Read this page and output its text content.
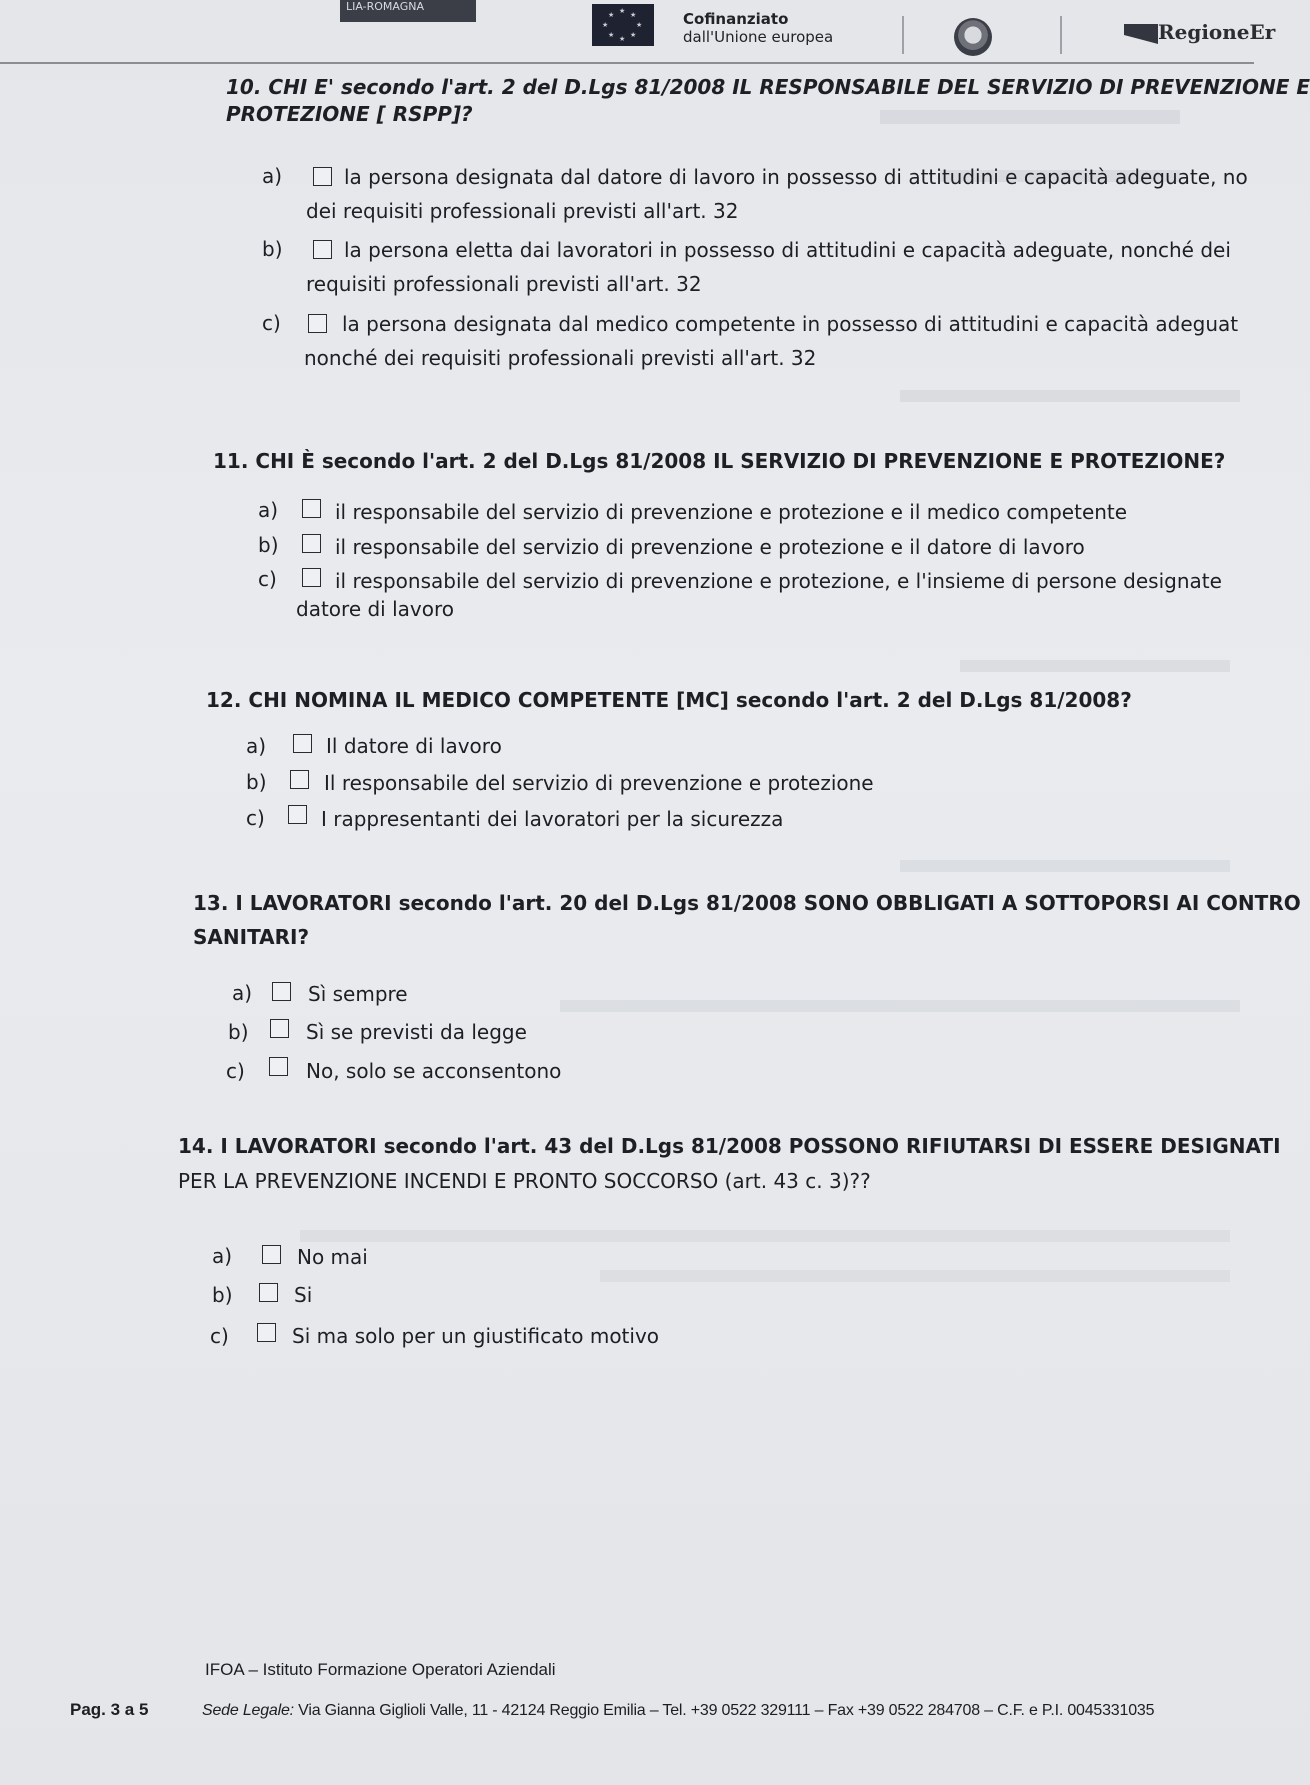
LIA-ROMAGNA	★ ★
★
★
★
★
★
★	Cofinanziato
dall'Unione europea	RegioneEr
10. CHI E' secondo l'art. 2 del D.Lgs 81/2008 IL RESPONSABILE DEL SERVIZIO DI PREVENZIONE E
PROTEZIONE [ RSPP]?
a)	la persona designata dal datore di lavoro in possesso di attitudini e capacità adeguate, no
dei requisiti professionali previsti all'art. 32
b)	la persona eletta dai lavoratori in possesso di attitudini e capacità adeguate, nonché dei
requisiti professionali previsti all'art. 32
c)	la persona designata dal medico competente in possesso di attitudini e capacità adeguat
nonché dei requisiti professionali previsti all'art. 32
11. CHI È secondo l'art. 2 del D.Lgs 81/2008 IL SERVIZIO DI PREVENZIONE E PROTEZIONE?
a)	il responsabile del servizio di prevenzione e protezione e il medico competente
b)	il responsabile del servizio di prevenzione e protezione e il datore di lavoro
c)	il responsabile del servizio di prevenzione e protezione, e l'insieme di persone designate
datore di lavoro
12. CHI NOMINA IL MEDICO COMPETENTE [MC] secondo l'art. 2 del D.Lgs 81/2008?
a)	Il datore di lavoro
b)	Il responsabile del servizio di prevenzione e protezione
c)	I rappresentanti dei lavoratori per la sicurezza
13. I LAVORATORI secondo l'art. 20 del D.Lgs 81/2008 SONO OBBLIGATI A SOTTOPORSI AI CONTRO
SANITARI?
a)	Sì sempre
b)	Sì se previsti da legge
c)	No, solo se acconsentono
14. I LAVORATORI secondo l'art. 43 del D.Lgs 81/2008 POSSONO RIFIUTARSI DI ESSERE DESIGNATI
PER LA PREVENZIONE INCENDI E PRONTO SOCCORSO (art. 43 c. 3)??
a)	No mai
b)	Si
c)	Si ma solo per un giustificato motivo
IFOA – Istituto Formazione Operatori Aziendali
Pag. 3 a 5	Sede Legale: Via Gianna Giglioli Valle, 11 - 42124 Reggio Emilia – Tel. +39 0522 329111 – Fax +39 0522 284708 – C.F. e P.I. 0045331035
